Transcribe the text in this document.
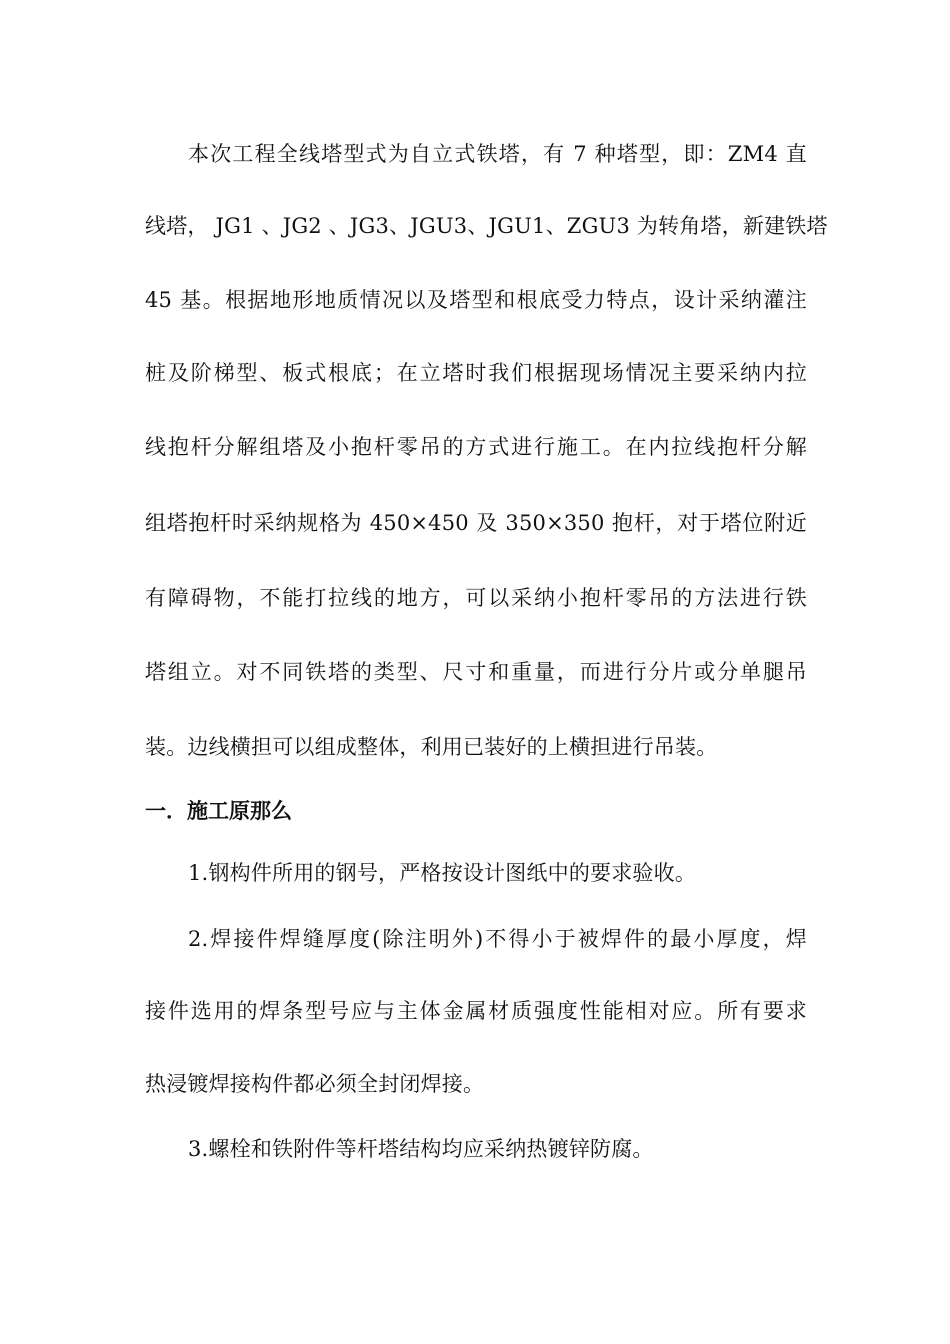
本次工程全线塔型式为自立式铁塔，有 7 种塔型，即：ZM4 直
线塔， JG1 、JG2 、JG3、JGU3、JGU1、ZGU3 为转角塔，新建铁塔
45 基。根据地形地质情况以及塔型和根底受力特点，设计采纳灌注
桩及阶梯型、板式根底；在立塔时我们根据现场情况主要采纳内拉
线抱杆分解组塔及小抱杆零吊的方式进行施工。在内拉线抱杆分解
组塔抱杆时采纳规格为 450×450 及 350×350 抱杆，对于塔位附近
有障碍物，不能打拉线的地方，可以采纳小抱杆零吊的方法进行铁
塔组立。对不同铁塔的类型、尺寸和重量，而进行分片或分单腿吊
装。边线横担可以组成整体，利用已装好的上横担进行吊装。
一．施工原那么
1.钢构件所用的钢号，严格按设计图纸中的要求验收。
2.焊接件焊缝厚度(除注明外)不得小于被焊件的最小厚度，焊
接件选用的焊条型号应与主体金属材质强度性能相对应。所有要求
热浸镀焊接构件都必须全封闭焊接。
3.螺栓和铁附件等杆塔结构均应采纳热镀锌防腐。
